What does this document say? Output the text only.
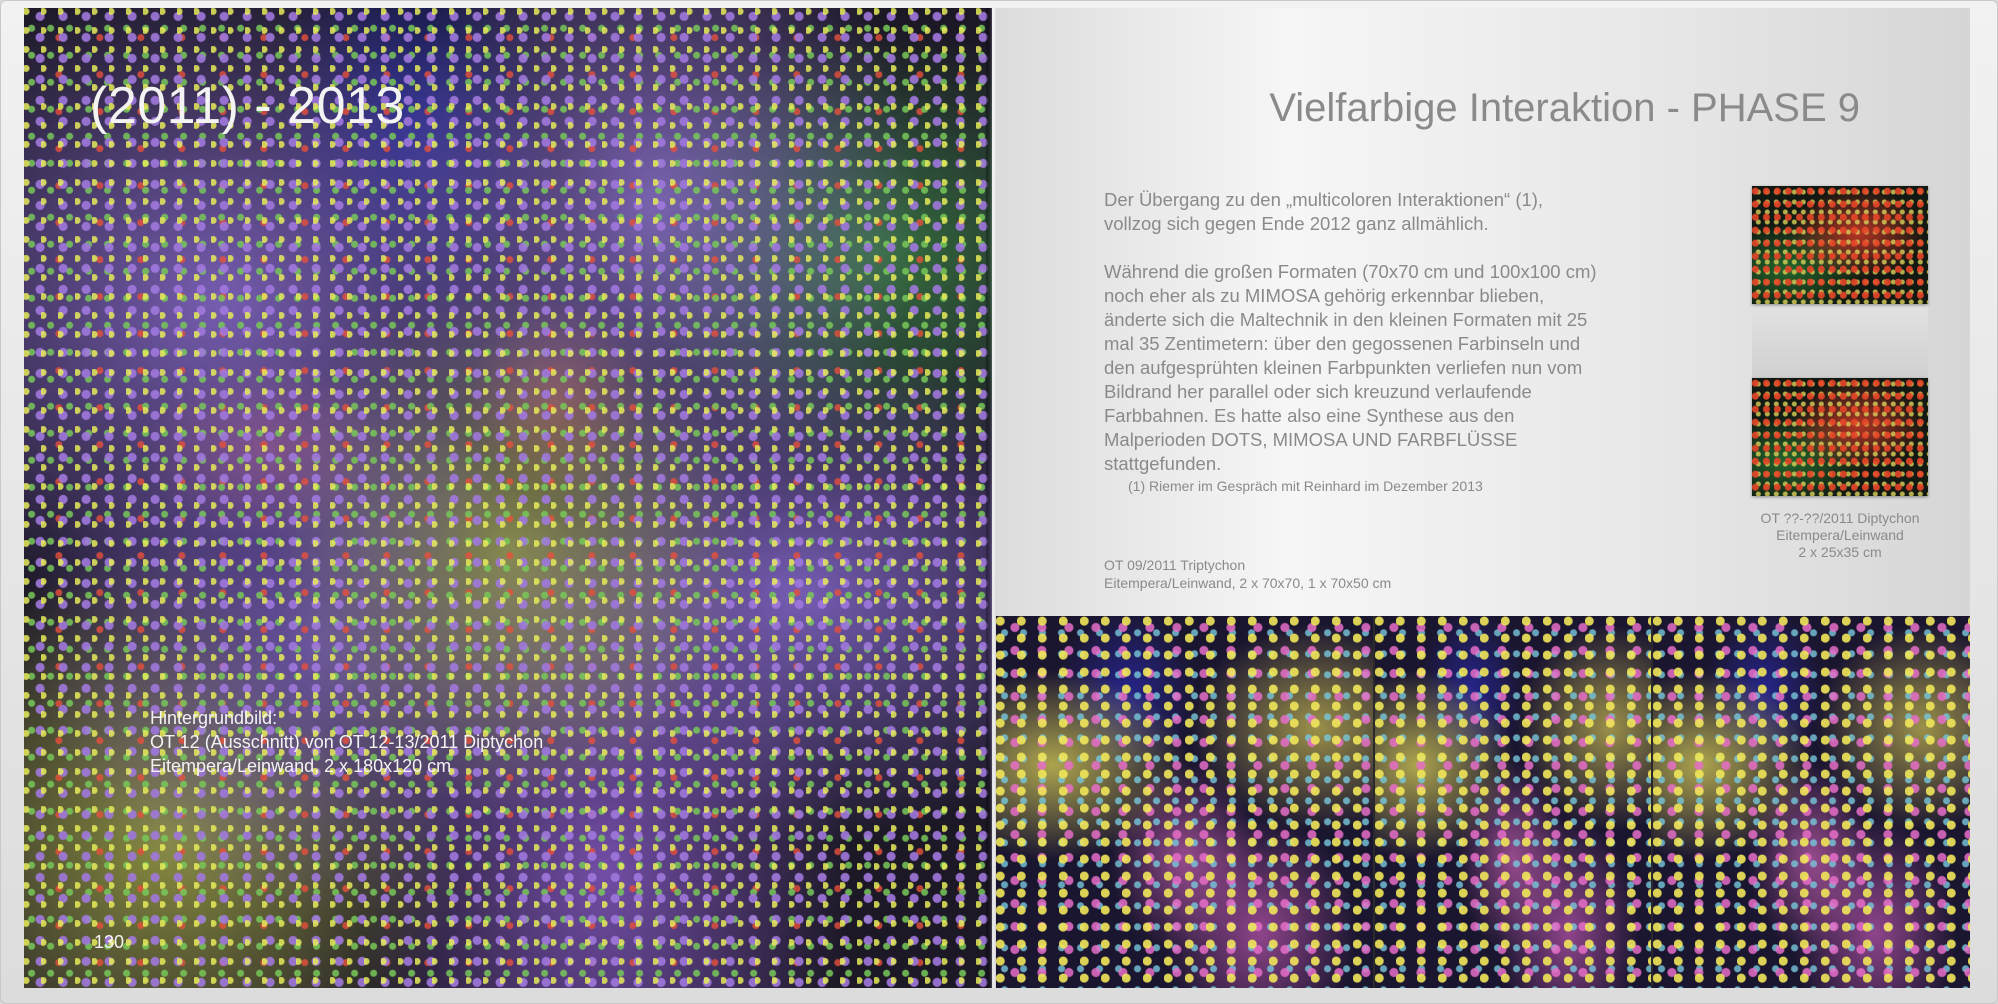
(2011) - 2013
Hintergrundbild:
OT 12 (Ausschnitt) von OT 12-13/2011 Diptychon
Eitempera/Leinwand, 2 x 180x120 cm
130
Vielfarbige Interaktion - PHASE 9

Der Übergang zu den „multicoloren Interaktionen“ (1), vollzog sich gegen Ende 2012 ganz allmählich.

Während die großen Formaten (70x70 cm und 100x100 cm) noch eher als zu MIMOSA gehörig erkennbar blieben, änderte sich die Maltechnik in den kleinen Formaten mit 25 mal 35 Zentimetern: über den gegossenen Farbinseln und den aufgesprühten kleinen Farbpunkten verliefen nun vom Bildrand her parallel oder sich kreuzund verlaufende Farbbahnen. Es hatte also eine Synthese aus den Malperioden DOTS, MIMOSA UND FARBFLÜSSE stattgefunden.

(1) Riemer im Gespräch mit Reinhard im Dezember 2013
OT 09/2011 Triptychon
Eitempera/Leinwand, 2 x 70x70, 1 x 70x50 cm
OT ??-??/2011 Diptychon
Eitempera/Leinwand
2 x 25x35 cm
